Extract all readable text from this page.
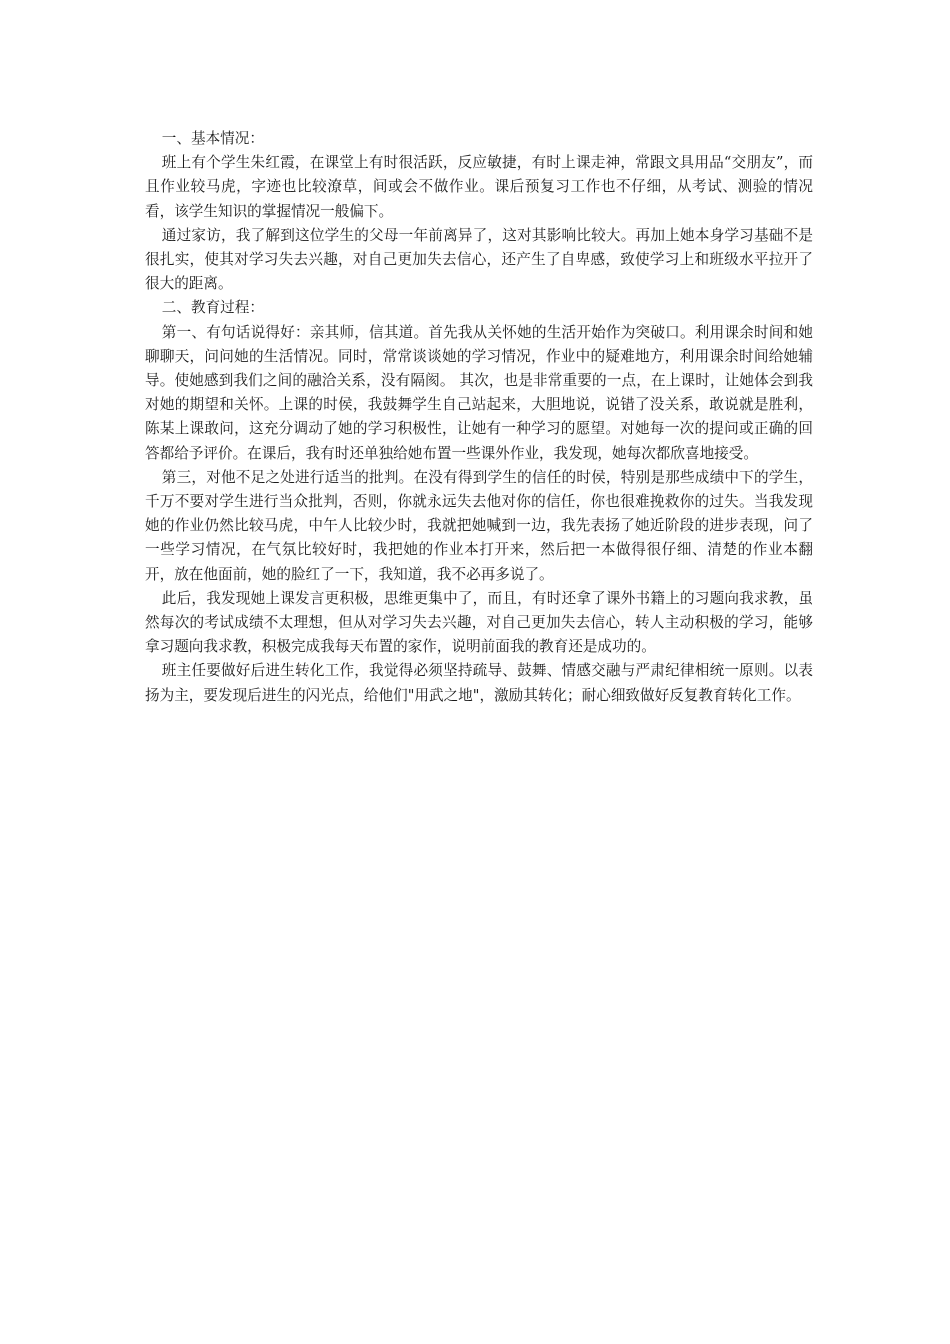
一、基本情况：

班上有个学生朱红霞，在课堂上有时很活跃，反应敏捷，有时上课走神，常跟文具用品“交朋友”，而且作业较马虎，字迹也比较潦草，间或会不做作业。课后预复习工作也不仔细，从考试、测验的情况看，该学生知识的掌握情况一般偏下。

通过家访，我了解到这位学生的父母一年前离异了，这对其影响比较大。再加上她本身学习基础不是很扎实，使其对学习失去兴趣，对自己更加失去信心，还产生了自卑感，致使学习上和班级水平拉开了很大的距离。

二、教育过程：

第一、有句话说得好：亲其师，信其道。首先我从关怀她的生活开始作为突破口。利用课余时间和她聊聊天，问问她的生活情况。同时，常常谈谈她的学习情况，作业中的疑难地方，利用课余时间给她辅导。使她感到我们之间的融洽关系，没有隔阂。 其次，也是非常重要的一点，在上课时，让她体会到我对她的期望和关怀。上课的时侯，我鼓舞学生自己站起来，大胆地说，说错了没关系，敢说就是胜利，陈某上课敢问，这充分调动了她的学习积极性，让她有一种学习的愿望。对她每一次的提问或正确的回答都给予评价。在课后，我有时还单独给她布置一些课外作业，我发现，她每次都欣喜地接受。

第三，对他不足之处进行适当的批判。在没有得到学生的信任的时侯，特别是那些成绩中下的学生，千万不要对学生进行当众批判，否则，你就永远失去他对你的信任，你也很难挽救你的过失。当我发现她的作业仍然比较马虎，中午人比较少时，我就把她喊到一边，我先表扬了她近阶段的进步表现，问了一些学习情况，在气氛比较好时，我把她的作业本打开来，然后把一本做得很仔细、清楚的作业本翻开，放在他面前，她的脸红了一下，我知道，我不必再多说了。

此后，我发现她上课发言更积极，思维更集中了，而且，有时还拿了课外书籍上的习题向我求教，虽然每次的考试成绩不太理想，但从对学习失去兴趣，对自己更加失去信心，转人主动积极的学习，能够拿习题向我求教，积极完成我每天布置的家作，说明前面我的教育还是成功的。

班主任要做好后进生转化工作，我觉得必须坚持疏导、鼓舞、情感交融与严肃纪律相统一原则。以表扬为主，要发现后进生的闪光点，给他们"用武之地"，激励其转化；耐心细致做好反复教育转化工作。
